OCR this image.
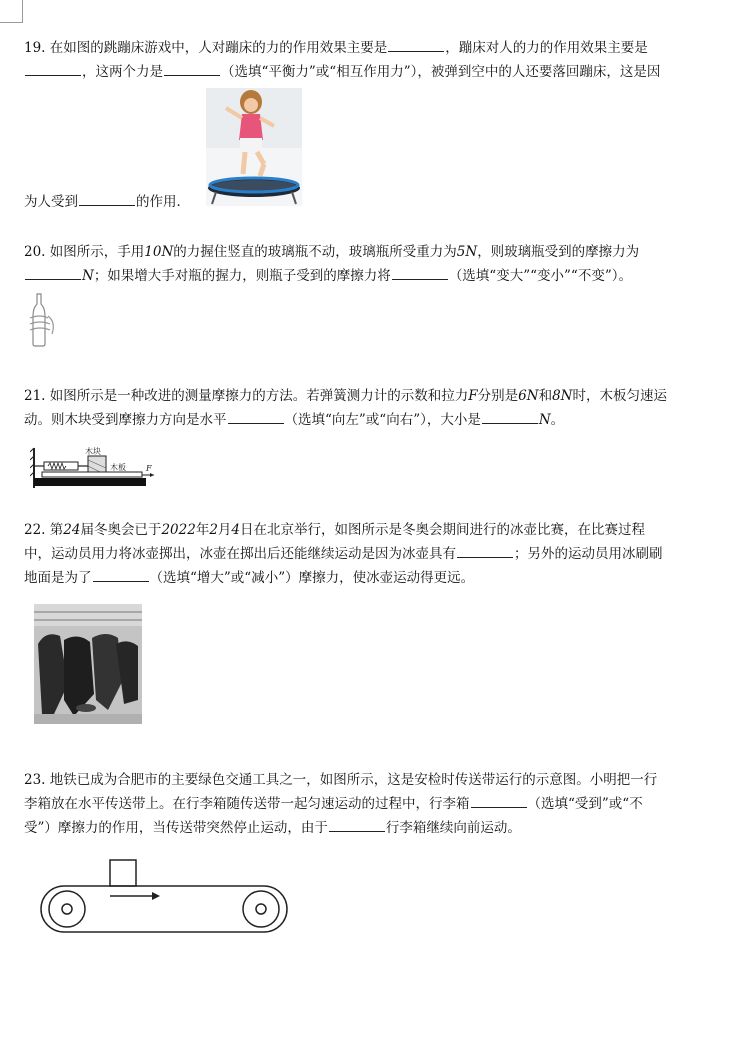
19. 在如图的跳蹦床游戏中，人对蹦床的力的作用效果主要是	，蹦床对人的力的作用效果主要是

，这两个力是	（选填“平衡力”或“相互作用力”），被弹到空中的人还要落回蹦床，这是因

为人受到	的作用．

20. 如图所示，手用10N的力握住竖直的玻璃瓶不动，玻璃瓶所受重力为5N，则玻璃瓶受到的摩擦力为

N；如果增大手对瓶的握力，则瓶子受到的摩擦力将	（选填“变大”“变小”“不变”）。

21. 如图所示是一种改进的测量摩擦力的方法。若弹簧测力计的示数和拉力F分别是6N和8N时，木板匀速运

动。则木块受到摩擦力方向是水平	（选填“向左”或“向右”），大小是	N。

木块
木板	F

22. 第24届冬奥会已于2022年2月4日在北京举行，如图所示是冬奥会期间进行的冰壶比赛，在比赛过程

中，运动员用力将冰壶掷出，冰壶在掷出后还能继续运动是因为冰壶具有	；另外的运动员用冰刷刷

地面是为了	（选填“增大”或“减小”）摩擦力，使冰壶运动得更远。

23. 地铁已成为合肥市的主要绿色交通工具之一，如图所示，这是安检时传送带运行的示意图。小明把一行

李箱放在水平传送带上。在行李箱随传送带一起匀速运动的过程中，行李箱	（选填“受到”或“不

受”）摩擦力的作用，当传送带突然停止运动，由于	行李箱继续向前运动。
